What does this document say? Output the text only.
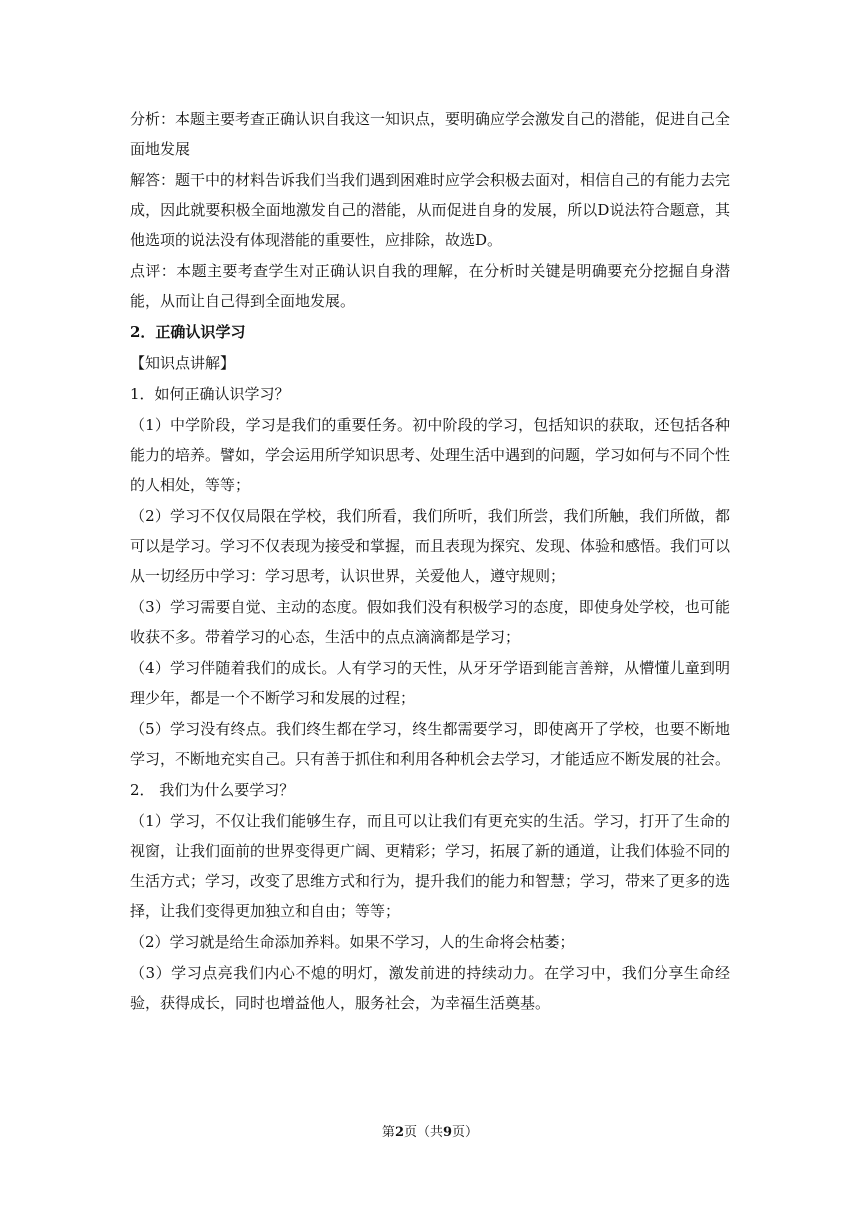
分析：本题主要考查正确认识自我这一知识点，要明确应学会激发自己的潜能，促进自己全面地发展

解答：题干中的材料告诉我们当我们遇到困难时应学会积极去面对，相信自己的有能力去完成，因此就要积极全面地激发自己的潜能，从而促进自身的发展，所以D说法符合题意，其他选项的说法没有体现潜能的重要性，应排除，故选D。

点评：本题主要考查学生对正确认识自我的理解，在分析时关键是明确要充分挖掘自身潜能，从而让自己得到全面地发展。

2．正确认识学习

【知识点讲解】

1．如何正确认识学习？

（1）中学阶段，学习是我们的重要任务。初中阶段的学习，包括知识的获取，还包括各种能力的培养。譬如，学会运用所学知识思考、处理生活中遇到的问题，学习如何与不同个性的人相处，等等；

（2）学习不仅仅局限在学校，我们所看，我们所听，我们所尝，我们所触，我们所做，都可以是学习。学习不仅表现为接受和掌握，而且表现为探究、发现、体验和感悟。我们可以从一切经历中学习：学习思考，认识世界，关爱他人，遵守规则；

（3）学习需要自觉、主动的态度。假如我们没有积极学习的态度，即使身处学校，也可能收获不多。带着学习的心态，生活中的点点滴滴都是学习；

（4）学习伴随着我们的成长。人有学习的天性，从牙牙学语到能言善辩，从懵懂儿童到明理少年，都是一个不断学习和发展的过程；

（5）学习没有终点。我们终生都在学习，终生都需要学习，即使离开了学校，也要不断地学习，不断地充实自己。只有善于抓住和利用各种机会去学习，才能适应不断发展的社会。

2． 我们为什么要学习？

（1）学习，不仅让我们能够生存，而且可以让我们有更充实的生活。学习，打开了生命的视窗，让我们面前的世界变得更广阔、更精彩；学习，拓展了新的通道，让我们体验不同的生活方式；学习，改变了思维方式和行为，提升我们的能力和智慧；学习，带来了更多的选择，让我们变得更加独立和自由；等等；

（2）学习就是给生命添加养料。如果不学习，人的生命将会枯萎；

（3）学习点亮我们内心不熄的明灯，激发前进的持续动力。在学习中，我们分享生命经验，获得成长，同时也增益他人，服务社会，为幸福生活奠基。

第2页（共9页）
